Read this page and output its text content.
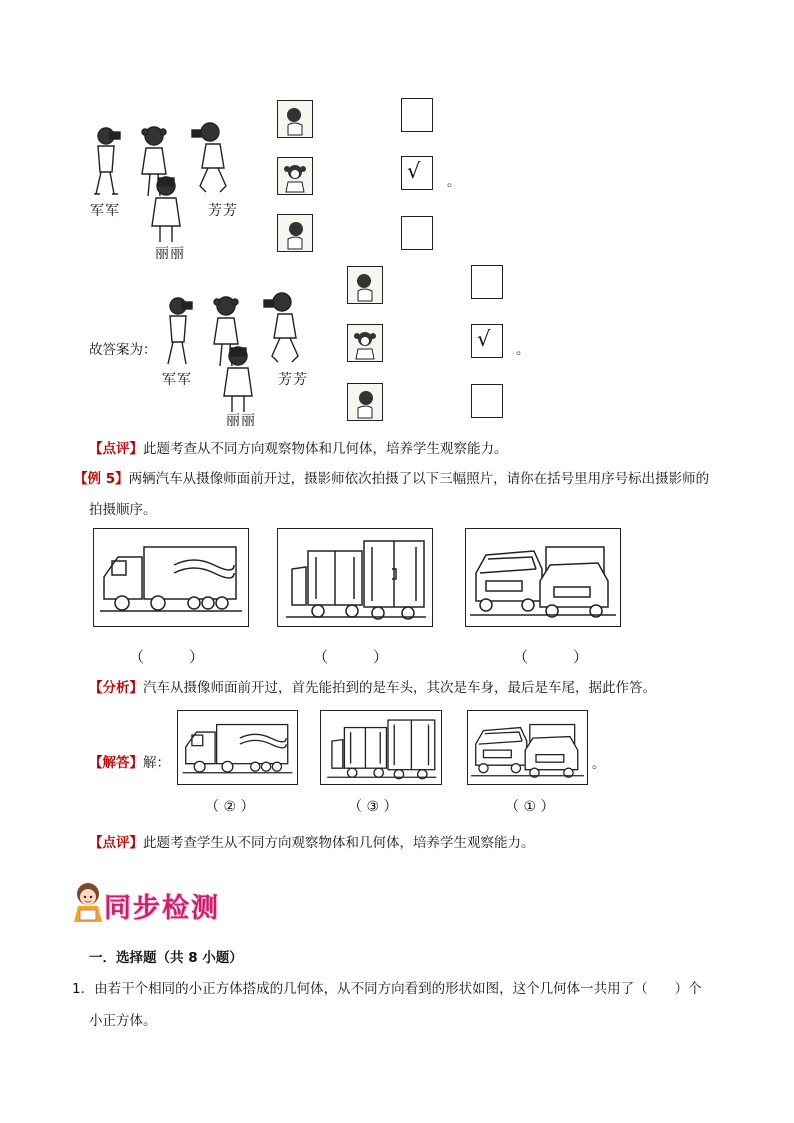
军军	芳芳
丽丽
√ 。
故答案为：
军军	芳芳
丽丽
√ 。
【点评】此题考查从不同方向观察物体和几何体，培养学生观察能力。
【例 5】两辆汽车从摄像师面前开过，摄影师依次拍摄了以下三幅照片，请你在括号里用序号标出摄影师的
拍摄顺序。
（　　　）	（　　　）	（　　　）
【分析】汽车从摄像师面前开过，首先能拍到的是车头，其次是车身，最后是车尾，据此作答。
【解答】解：	。
（ ② ）	（ ③ ）	（ ① ）
【点评】此题考查学生从不同方向观察物体和几何体，培养学生观察能力。
同步检测
一．选择题（共 8 小题）
1．由若干个相同的小正方体搭成的几何体，从不同方向看到的形状如图，这个几何体一共用了（　　）个
小正方体。
